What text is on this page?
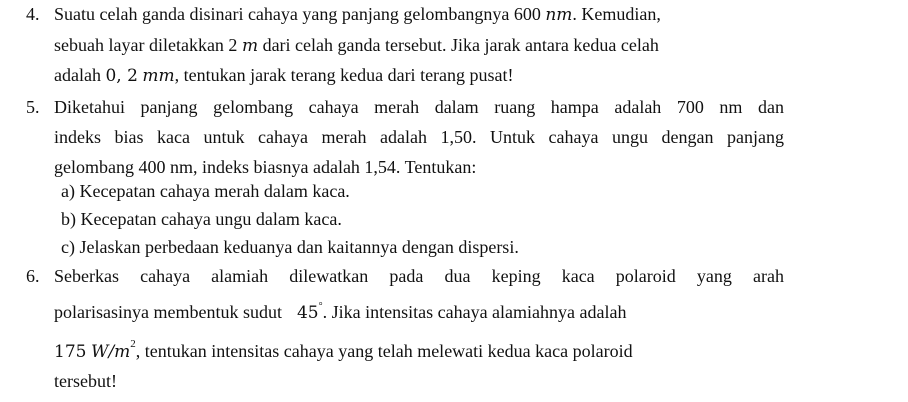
4. Suatu celah ganda disinari cahaya yang panjang gelombangnya 600 nm. Kemudian,
sebuah layar diletakkan 2 m dari celah ganda tersebut. Jika jarak antara kedua celah
adalah 0, 2 mm, tentukan jarak terang kedua dari terang pusat!
5. Diketahui panjang gelombang cahaya merah dalam ruang hampa adalah 700 nm dan
indeks bias kaca untuk cahaya merah adalah 1,50. Untuk cahaya ungu dengan panjang
gelombang 400 nm, indeks biasnya adalah 1,54. Tentukan:
a) Kecepatan cahaya merah dalam kaca.
b) Kecepatan cahaya ungu dalam kaca.
c) Jelaskan perbedaan keduanya dan kaitannya dengan dispersi.
6. Seberkas cahaya alamiah dilewatkan pada dua keping kaca polaroid yang arah
polarisasinya membentuk sudut 45°. Jika intensitas cahaya alamiahnya adalah
175 $W/m^2$, tentukan intensitas cahaya yang telah melewati kedua kaca polaroid
tersebut!
